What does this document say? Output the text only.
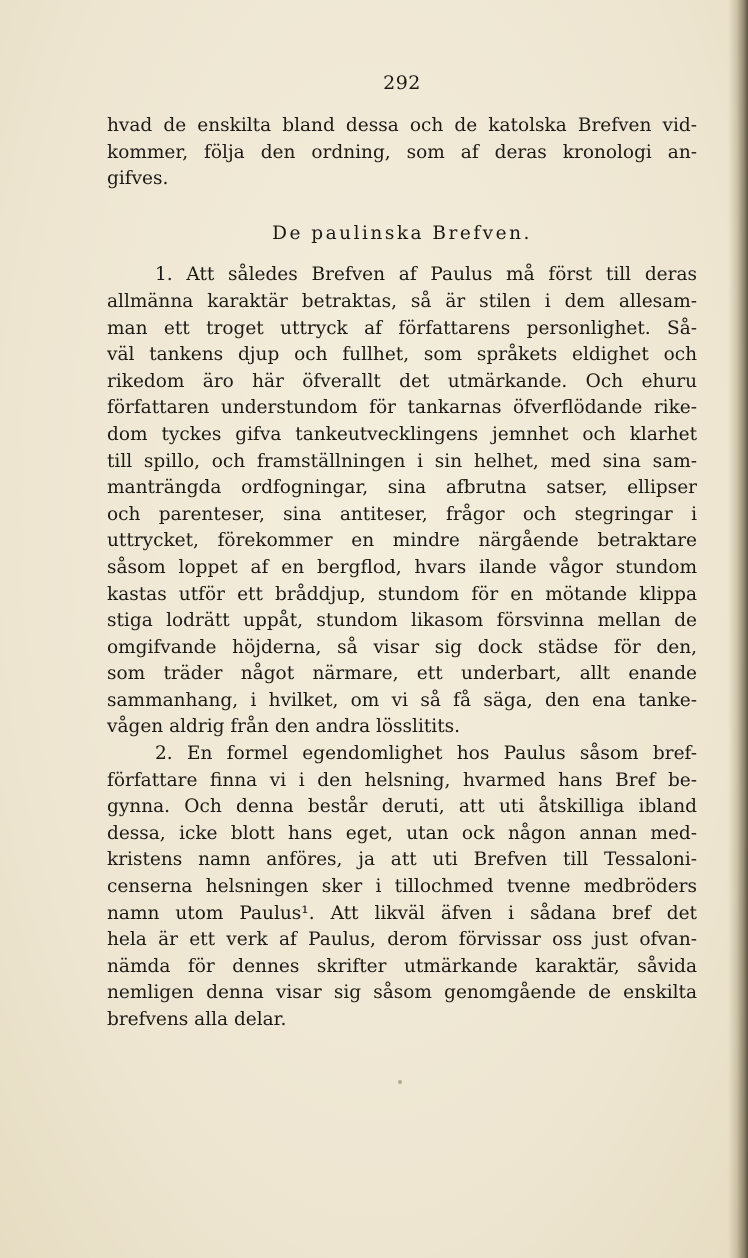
292
hvad de enskilta bland dessa och de katolska Brefven vid-
kommer, följa den ordning, som af deras kronologi an-
gifves.
De paulinska Brefven.
1. Att således Brefven af Paulus må först till deras
allmänna karaktär betraktas, så är stilen i dem allesam-
man ett troget uttryck af författarens personlighet. Så-
väl tankens djup och fullhet, som språkets eldighet och
rikedom äro här öfverallt det utmärkande. Och ehuru
författaren understundom för tankarnas öfverflödande rike-
dom tyckes gifva tankeutvecklingens jemnhet och klarhet
till spillo, och framställningen i sin helhet, med sina sam-
manträngda ordfogningar, sina afbrutna satser, ellipser
och parenteser, sina antiteser, frågor och stegringar i
uttrycket, förekommer en mindre närgående betraktare
såsom loppet af en bergflod, hvars ilande vågor stundom
kastas utför ett bråddjup, stundom för en mötande klippa
stiga lodrätt uppåt, stundom likasom försvinna mellan de
omgifvande höjderna, så visar sig dock städse för den,
som träder något närmare, ett underbart, allt enande
sammanhang, i hvilket, om vi så få säga, den ena tanke-
vågen aldrig från den andra lösslitits.
2. En formel egendomlighet hos Paulus såsom bref-
författare finna vi i den helsning, hvarmed hans Bref be-
gynna. Och denna består deruti, att uti åtskilliga ibland
dessa, icke blott hans eget, utan ock någon annan med-
kristens namn anföres, ja att uti Brefven till Tessaloni-
censerna helsningen sker i tillochmed tvenne medbröders
namn utom Paulus¹. Att likväl äfven i sådana bref det
hela är ett verk af Paulus, derom förvissar oss just ofvan-
nämda för dennes skrifter utmärkande karaktär, såvida
nemligen denna visar sig såsom genomgående de enskilta
brefvens alla delar.
